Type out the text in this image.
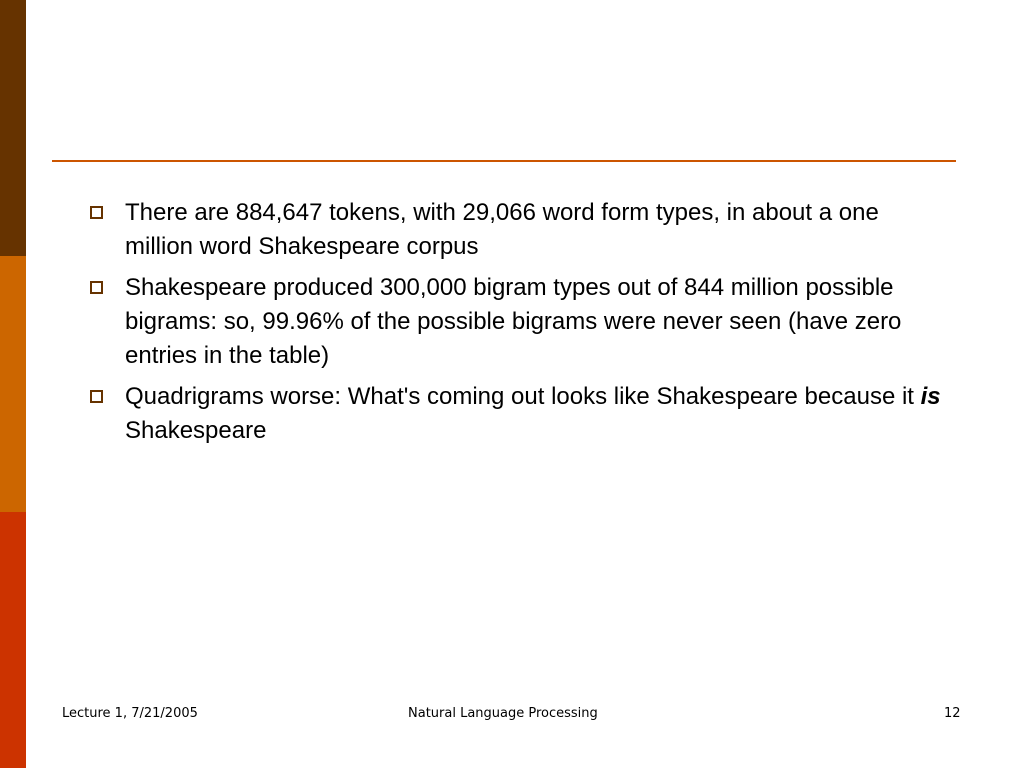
There are 884,647 tokens, with 29,066 word form types, in about a one million word Shakespeare corpus
Shakespeare produced 300,000 bigram types out of 844 million possible bigrams: so, 99.96% of the possible bigrams were never seen (have zero entries in the table)
Quadrigrams worse: What's coming out looks like Shakespeare because it is Shakespeare
Lecture 1, 7/21/2005	Natural Language Processing	12
